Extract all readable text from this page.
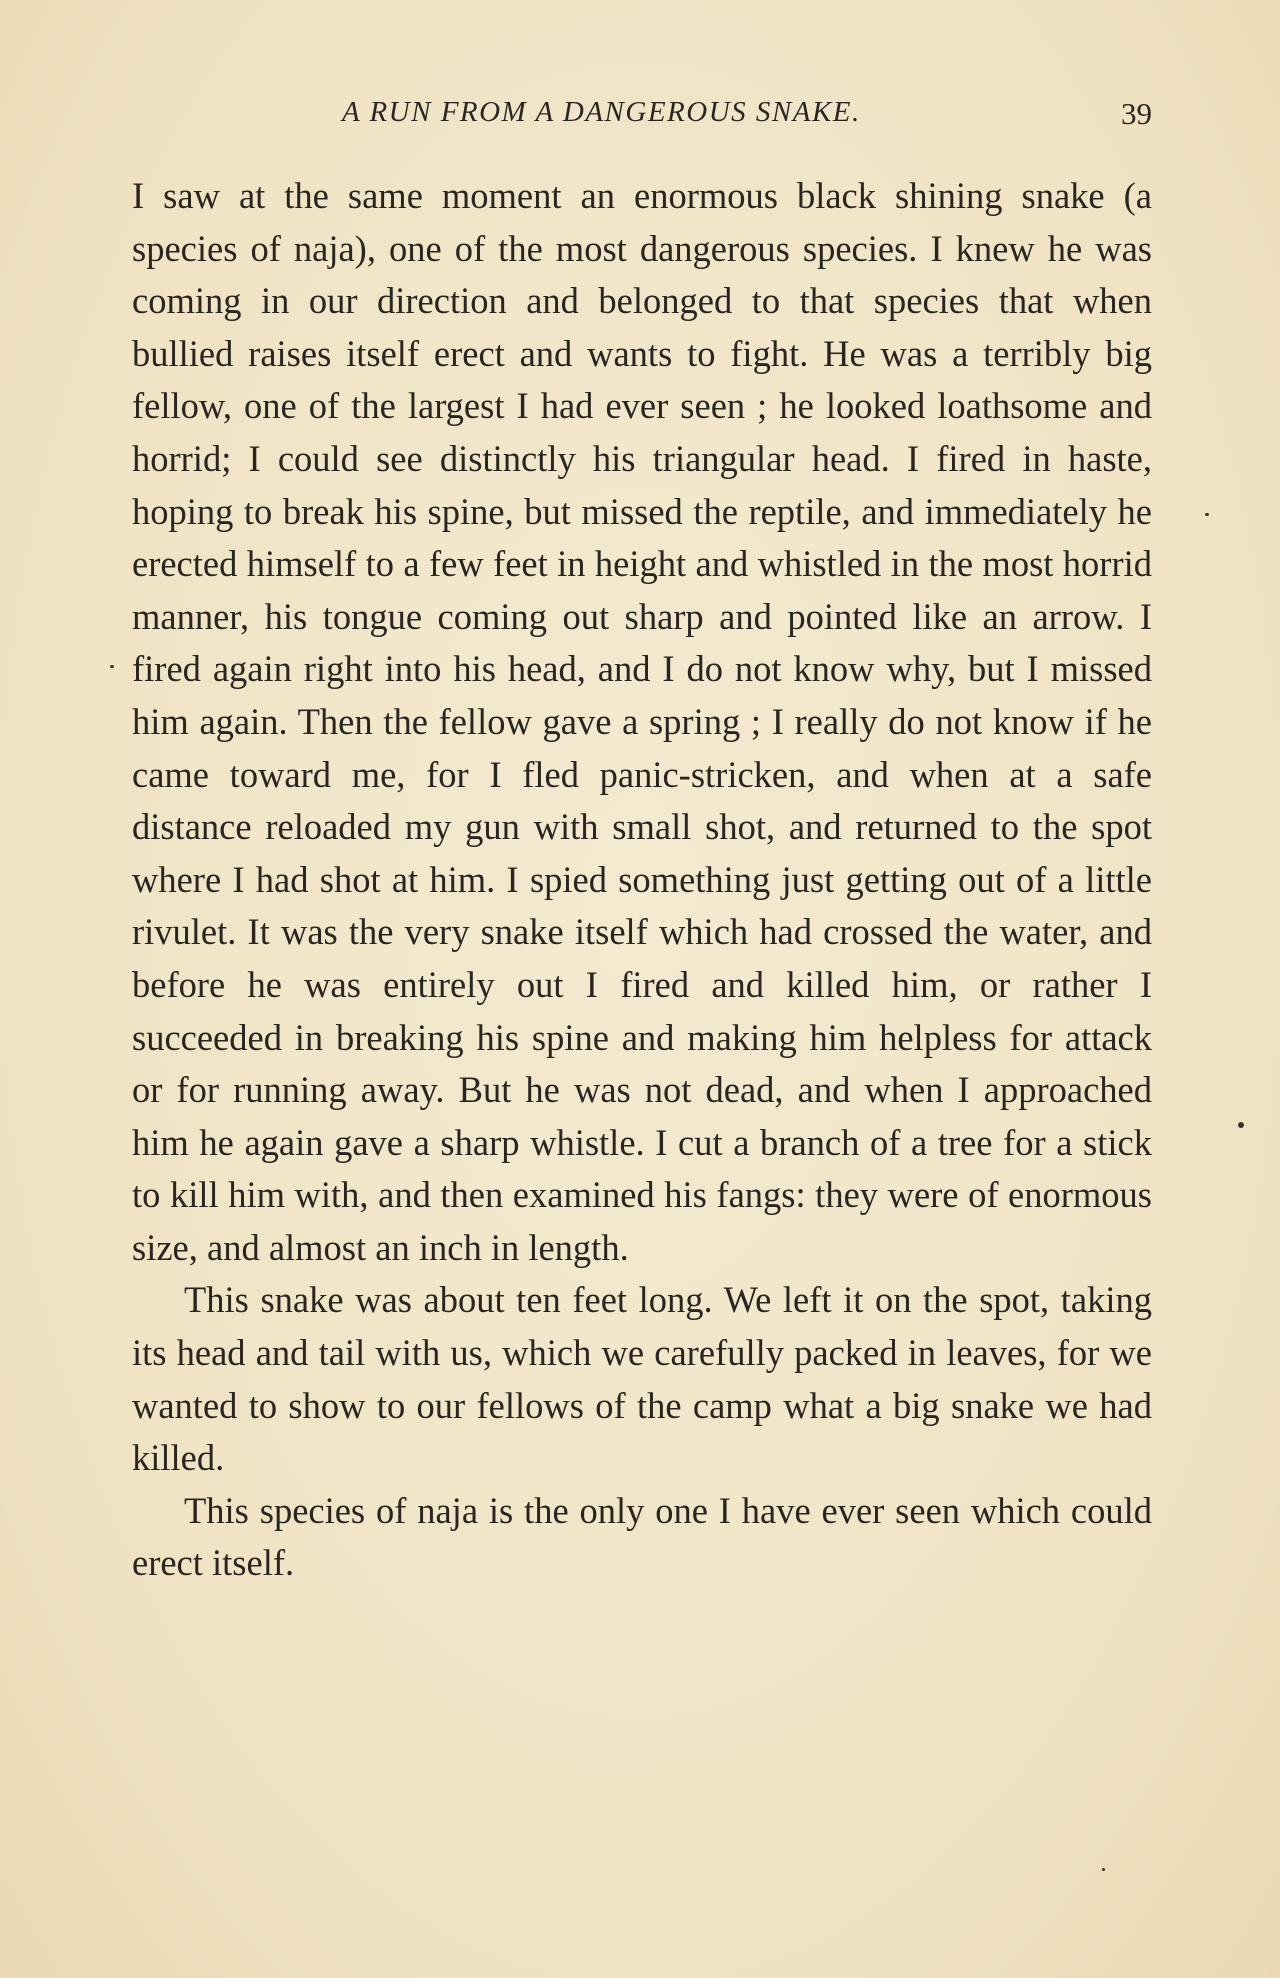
A RUN FROM A DANGEROUS SNAKE.	39

I saw at the same moment an enormous black shining snake (a species of naja), one of the most dangerous species. I knew he was coming in our direction and belonged to that species that when bullied raises itself erect and wants to fight. He was a terribly big fellow, one of the largest I had ever seen ; he looked loathsome and horrid; I could see distinctly his triangular head. I fired in haste, hoping to break his spine, but missed the reptile, and immediately he erected himself to a few feet in height and whistled in the most horrid manner, his tongue coming out sharp and pointed like an arrow. I fired again right into his head, and I do not know why, but I missed him again. Then the fellow gave a spring ; I really do not know if he came toward me, for I fled panic-stricken, and when at a safe distance reloaded my gun with small shot, and returned to the spot where I had shot at him. I spied something just getting out of a little rivulet. It was the very snake itself which had crossed the water, and before he was entirely out I fired and killed him, or rather I succeeded in breaking his spine and making him helpless for attack or for running away. But he was not dead, and when I approached him he again gave a sharp whistle. I cut a branch of a tree for a stick to kill him with, and then examined his fangs: they were of enormous size, and almost an inch in length.

This snake was about ten feet long. We left it on the spot, taking its head and tail with us, which we carefully packed in leaves, for we wanted to show to our fellows of the camp what a big snake we had killed.

This species of naja is the only one I have ever seen which could erect itself.
